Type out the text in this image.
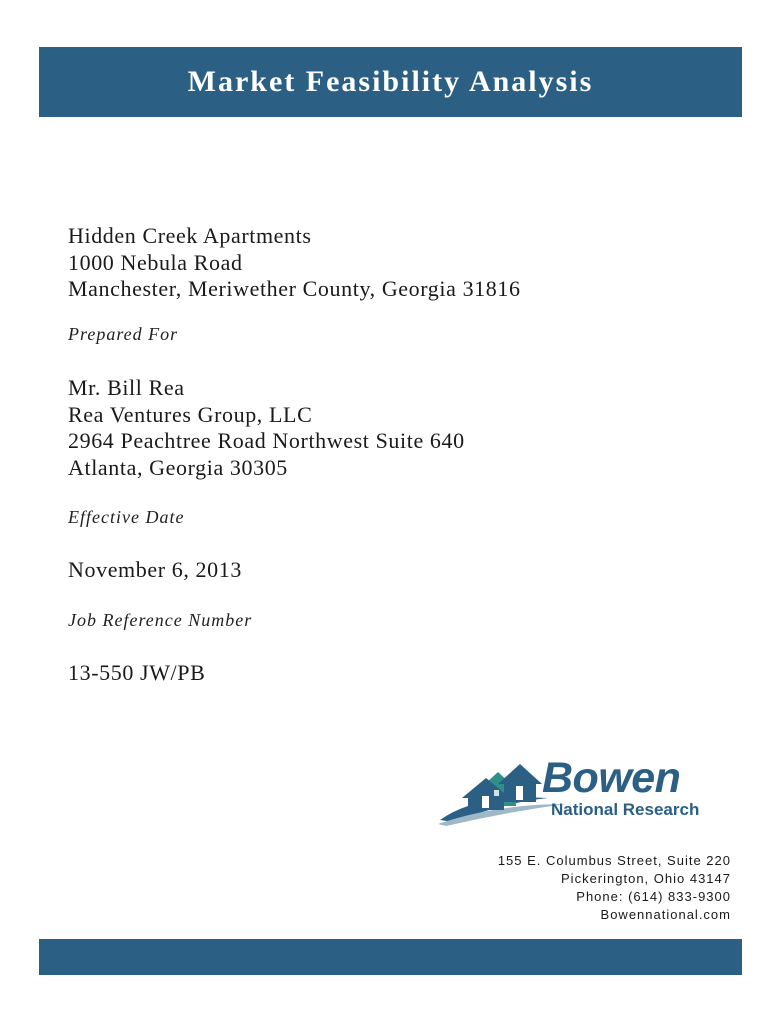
Market Feasibility Analysis
Hidden Creek Apartments
1000 Nebula Road
Manchester, Meriwether County, Georgia 31816
Prepared For
Mr. Bill Rea
Rea Ventures Group, LLC
2964 Peachtree Road Northwest Suite 640
Atlanta, Georgia 30305
Effective Date
November 6, 2013
Job Reference Number
13-550 JW/PB
Bowen
National Research
155 E. Columbus Street, Suite 220
Pickerington, Ohio 43147
Phone: (614) 833-9300
Bowennational.com
